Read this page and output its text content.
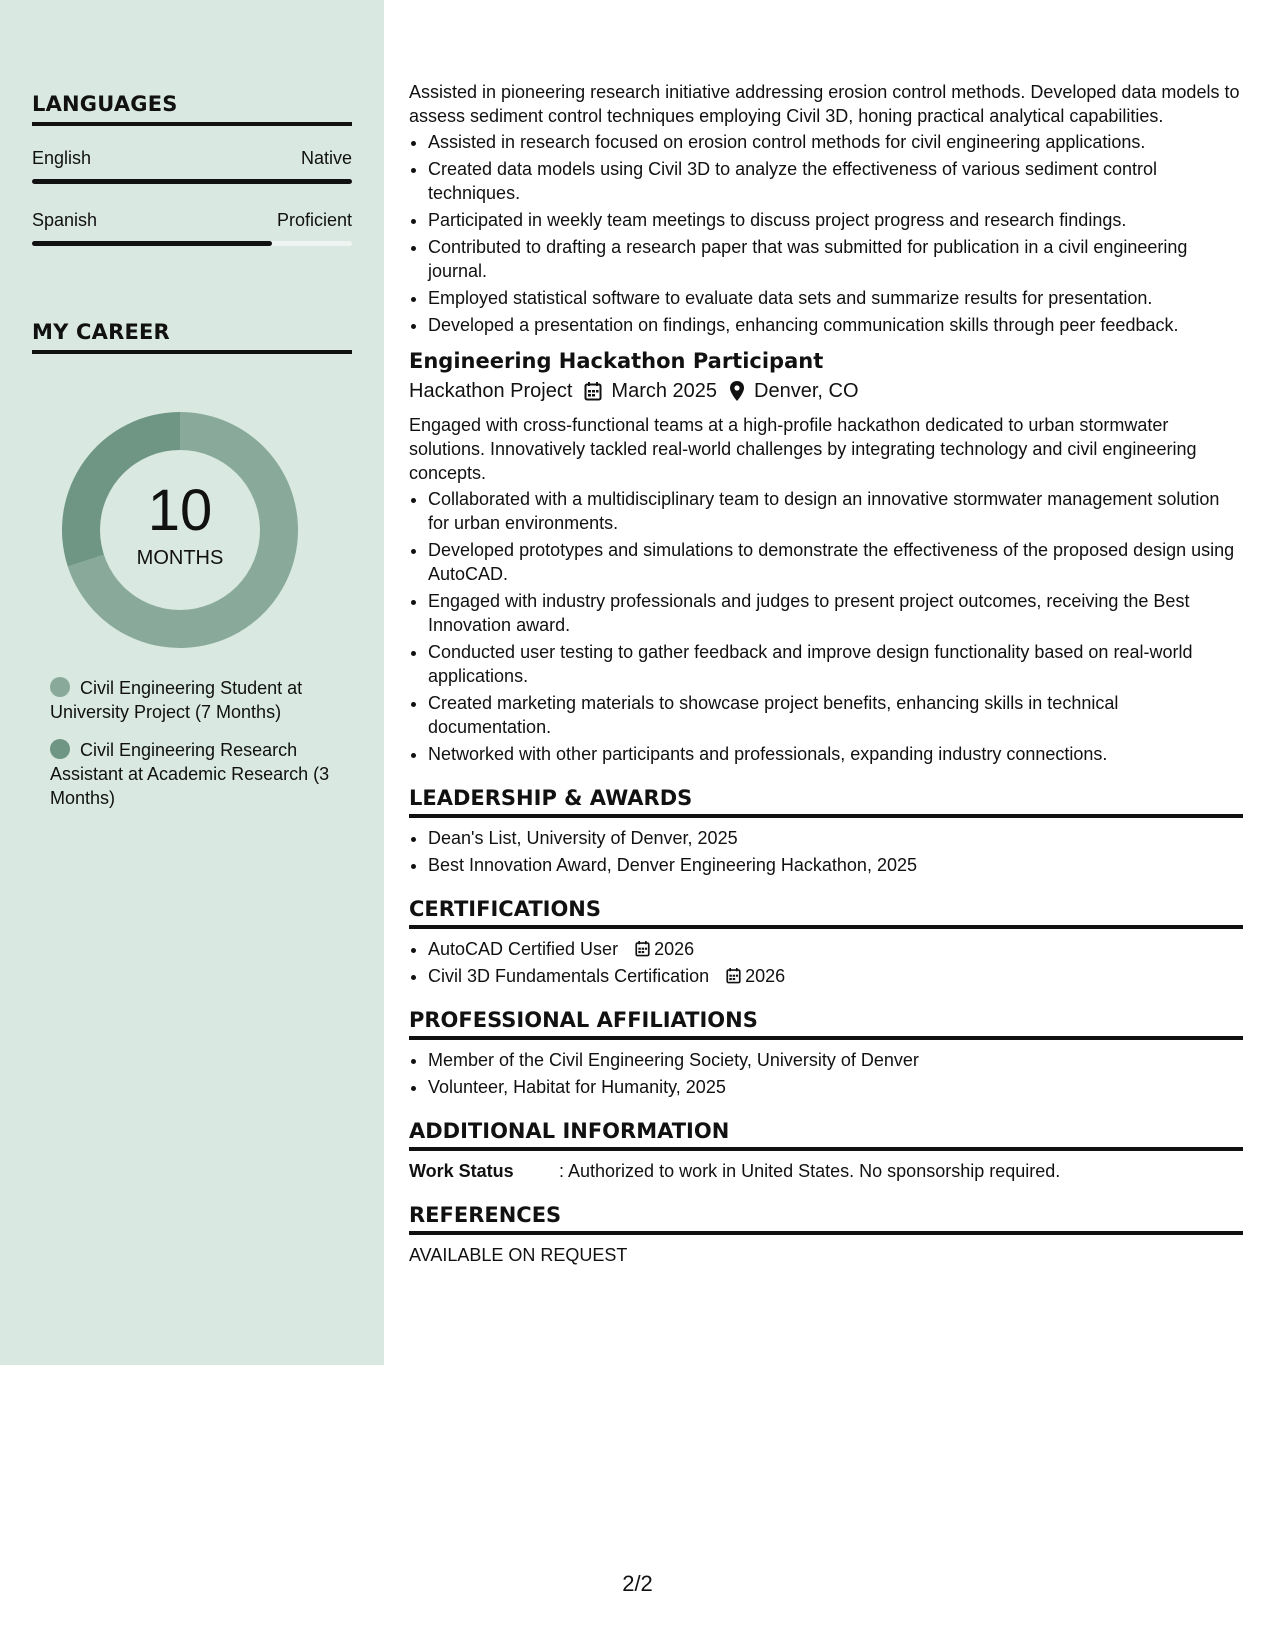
LANGUAGES
English	Native
Spanish	Proficient
MY CAREER
10
MONTHS
Civil Engineering Student at University Project (7 Months)
Civil Engineering Research Assistant at Academic Research (3 Months)

Assisted in pioneering research initiative addressing erosion control methods. Developed data models to assess sediment control techniques employing Civil 3D, honing practical analytical capabilities.

• Assisted in research focused on erosion control methods for civil engineering applications.
• Created data models using Civil 3D to analyze the effectiveness of various sediment control techniques.
• Participated in weekly team meetings to discuss project progress and research findings.
• Contributed to drafting a research paper that was submitted for publication in a civil engineering journal.
• Employed statistical software to evaluate data sets and summarize results for presentation.
• Developed a presentation on findings, enhancing communication skills through peer feedback.
Engineering Hackathon Participant
Hackathon Project March 2025 Denver, CO

Engaged with cross-functional teams at a high-profile hackathon dedicated to urban stormwater solutions. Innovatively tackled real-world challenges by integrating technology and civil engineering concepts.

• Collaborated with a multidisciplinary team to design an innovative stormwater management solution for urban environments.
• Developed prototypes and simulations to demonstrate the effectiveness of the proposed design using AutoCAD.
• Engaged with industry professionals and judges to present project outcomes, receiving the Best Innovation award.
• Conducted user testing to gather feedback and improve design functionality based on real-world applications.
• Created marketing materials to showcase project benefits, enhancing skills in technical documentation.
• Networked with other participants and professionals, expanding industry connections.
LEADERSHIP & AWARDS
• Dean's List, University of Denver, 2025
• Best Innovation Award, Denver Engineering Hackathon, 2025
CERTIFICATIONS
• AutoCAD Certified User 2026
• Civil 3D Fundamentals Certification 2026
PROFESSIONAL AFFILIATIONS
• Member of the Civil Engineering Society, University of Denver
• Volunteer, Habitat for Humanity, 2025
ADDITIONAL INFORMATION
Work Status	: Authorized to work in United States. No sponsorship required.
REFERENCES
AVAILABLE ON REQUEST
2/2
